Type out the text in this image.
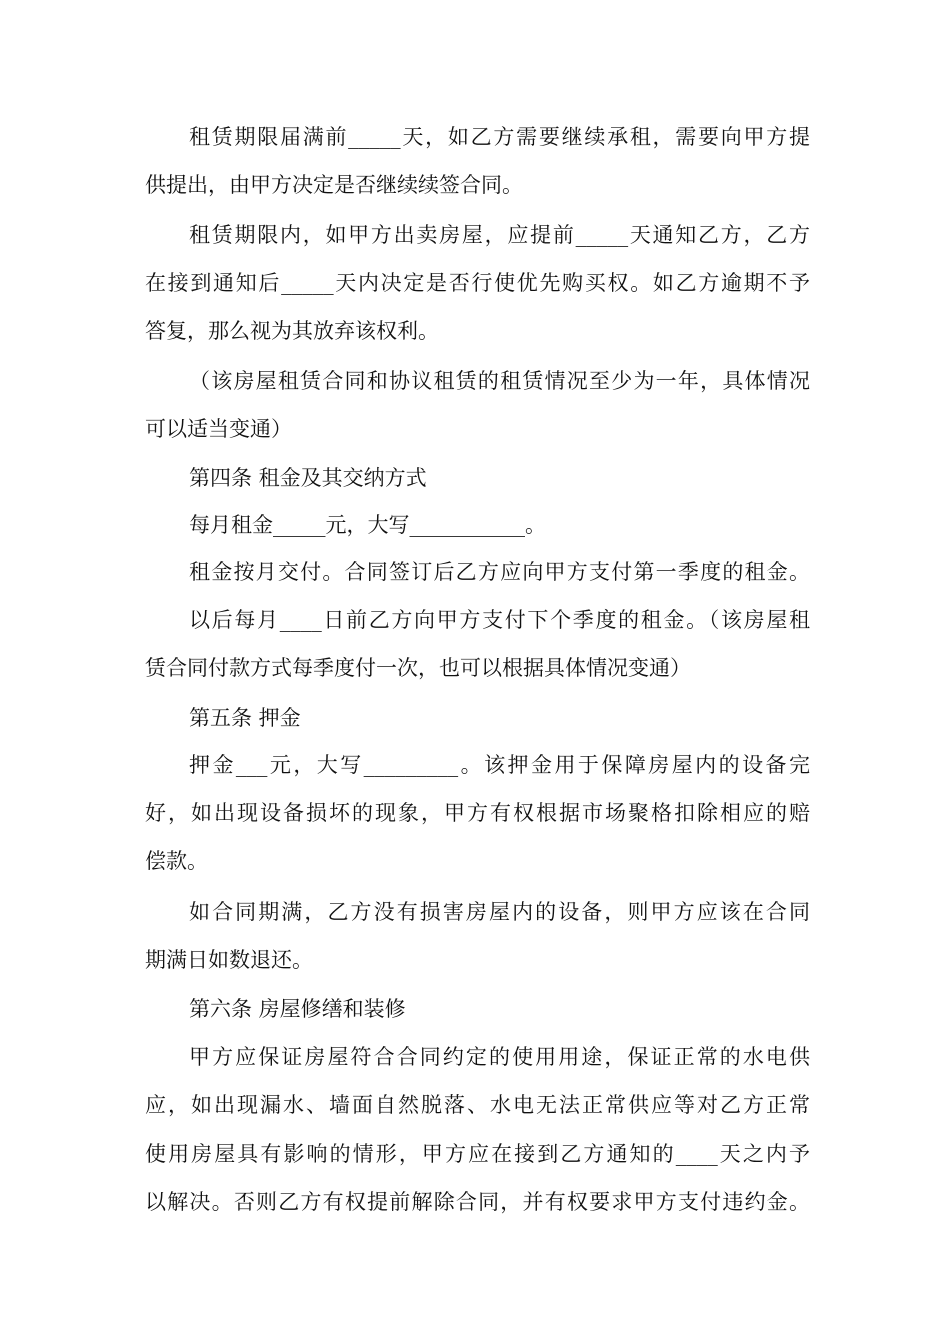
租赁期限届满前_____天，如乙方需要继续承租，需要向甲方提
供提出，由甲方决定是否继续续签合同。
租赁期限内，如甲方出卖房屋，应提前_____天通知乙方，乙方
在接到通知后_____天内决定是否行使优先购买权。如乙方逾期不予
答复，那么视为其放弃该权利。
（该房屋租赁合同和协议租赁的租赁情况至少为一年，具体情况
可以适当变通）
第四条 租金及其交纳方式
每月租金_____元，大写___________。
租金按月交付。合同签订后乙方应向甲方支付第一季度的租金。
以后每月____日前乙方向甲方支付下个季度的租金。（该房屋租
赁合同付款方式每季度付一次，也可以根据具体情况变通）
第五条 押金
押金___元，大写_________。该押金用于保障房屋内的设备完
好，如出现设备损坏的现象，甲方有权根据市场聚格扣除相应的赔
偿款。
如合同期满，乙方没有损害房屋内的设备，则甲方应该在合同
期满日如数退还。
第六条 房屋修缮和装修
甲方应保证房屋符合合同约定的使用用途，保证正常的水电供
应，如出现漏水、墙面自然脱落、水电无法正常供应等对乙方正常
使用房屋具有影响的情形，甲方应在接到乙方通知的____天之内予
以解决。否则乙方有权提前解除合同，并有权要求甲方支付违约金。
